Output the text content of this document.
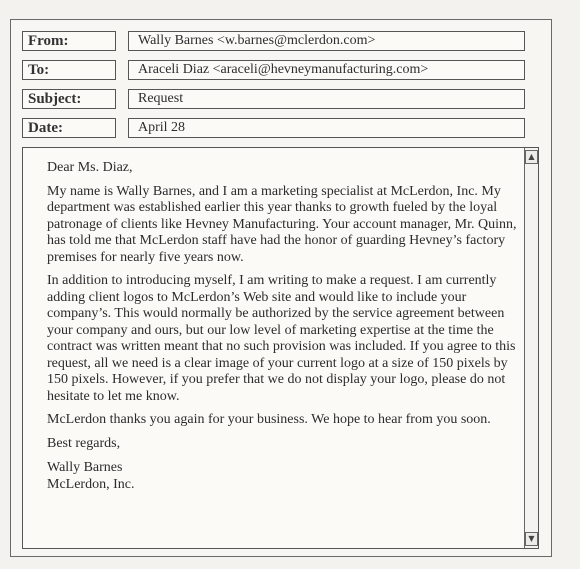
From:	Wally Barnes <w.barnes@mclerdon.com>
To:	Araceli Diaz <araceli@hevneymanufacturing.com>
Subject:	Request
Date:	April 28

Dear Ms. Diaz,

My name is Wally Barnes, and I am a marketing specialist at McLerdon, Inc. My department was established earlier this year thanks to growth fueled by the loyal patronage of clients like Hevney Manufacturing. Your account manager, Mr. Quinn, has told me that McLerdon staff have had the honor of guarding Hevney’s factory premises for nearly five years now.

In addition to introducing myself, I am writing to make a request. I am currently adding client logos to McLerdon’s Web site and would like to include your company’s. This would normally be authorized by the service agreement between your company and ours, but our low level of marketing expertise at the time the contract was written meant that no such provision was included. If you agree to this request, all we need is a clear image of your current logo at a size of 150 pixels by 150 pixels. However, if you prefer that we do not display your logo, please do not hesitate to let me know.

McLerdon thanks you again for your business. We hope to hear from you soon.

Best regards,

Wally Barnes

McLerdon, Inc.

▲
▼
